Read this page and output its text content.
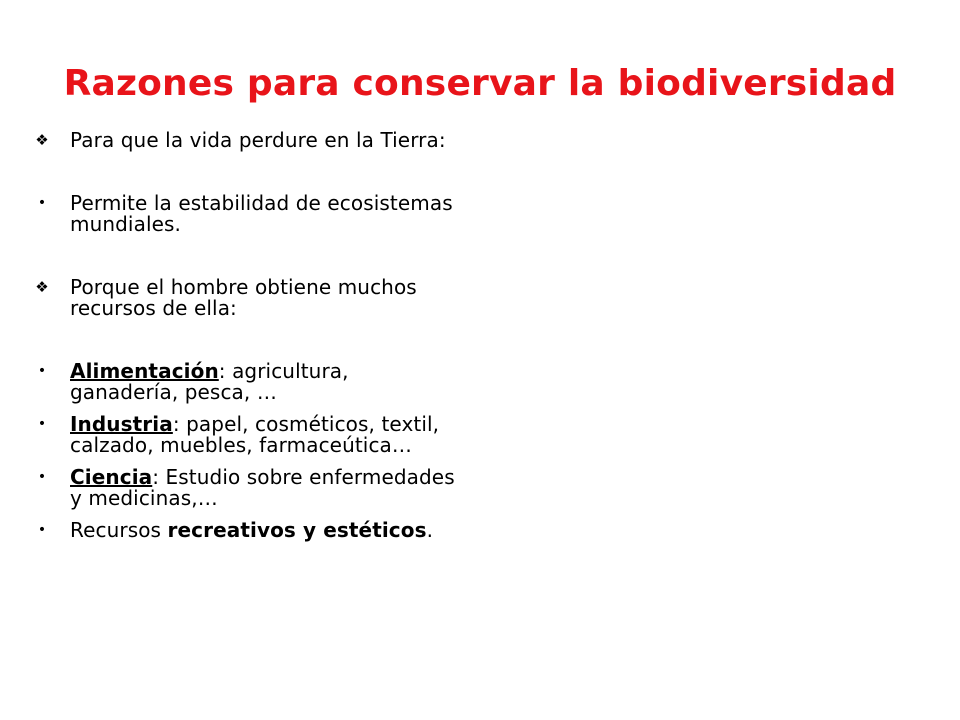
Razones para conservar la biodiversidad
❖ Para que la vida perdure en la Tierra:
•	Permite la estabilidad de ecosistemas mundiales.
❖ Porque el hombre obtiene muchos recursos de ella:
•	Alimentación: agricultura, ganadería, pesca, …
•	Industria: papel, cosméticos, textil, calzado, muebles, farmaceútica…
•	Ciencia: Estudio sobre enfermedades y medicinas,…
•	Recursos recreativos y estéticos.
